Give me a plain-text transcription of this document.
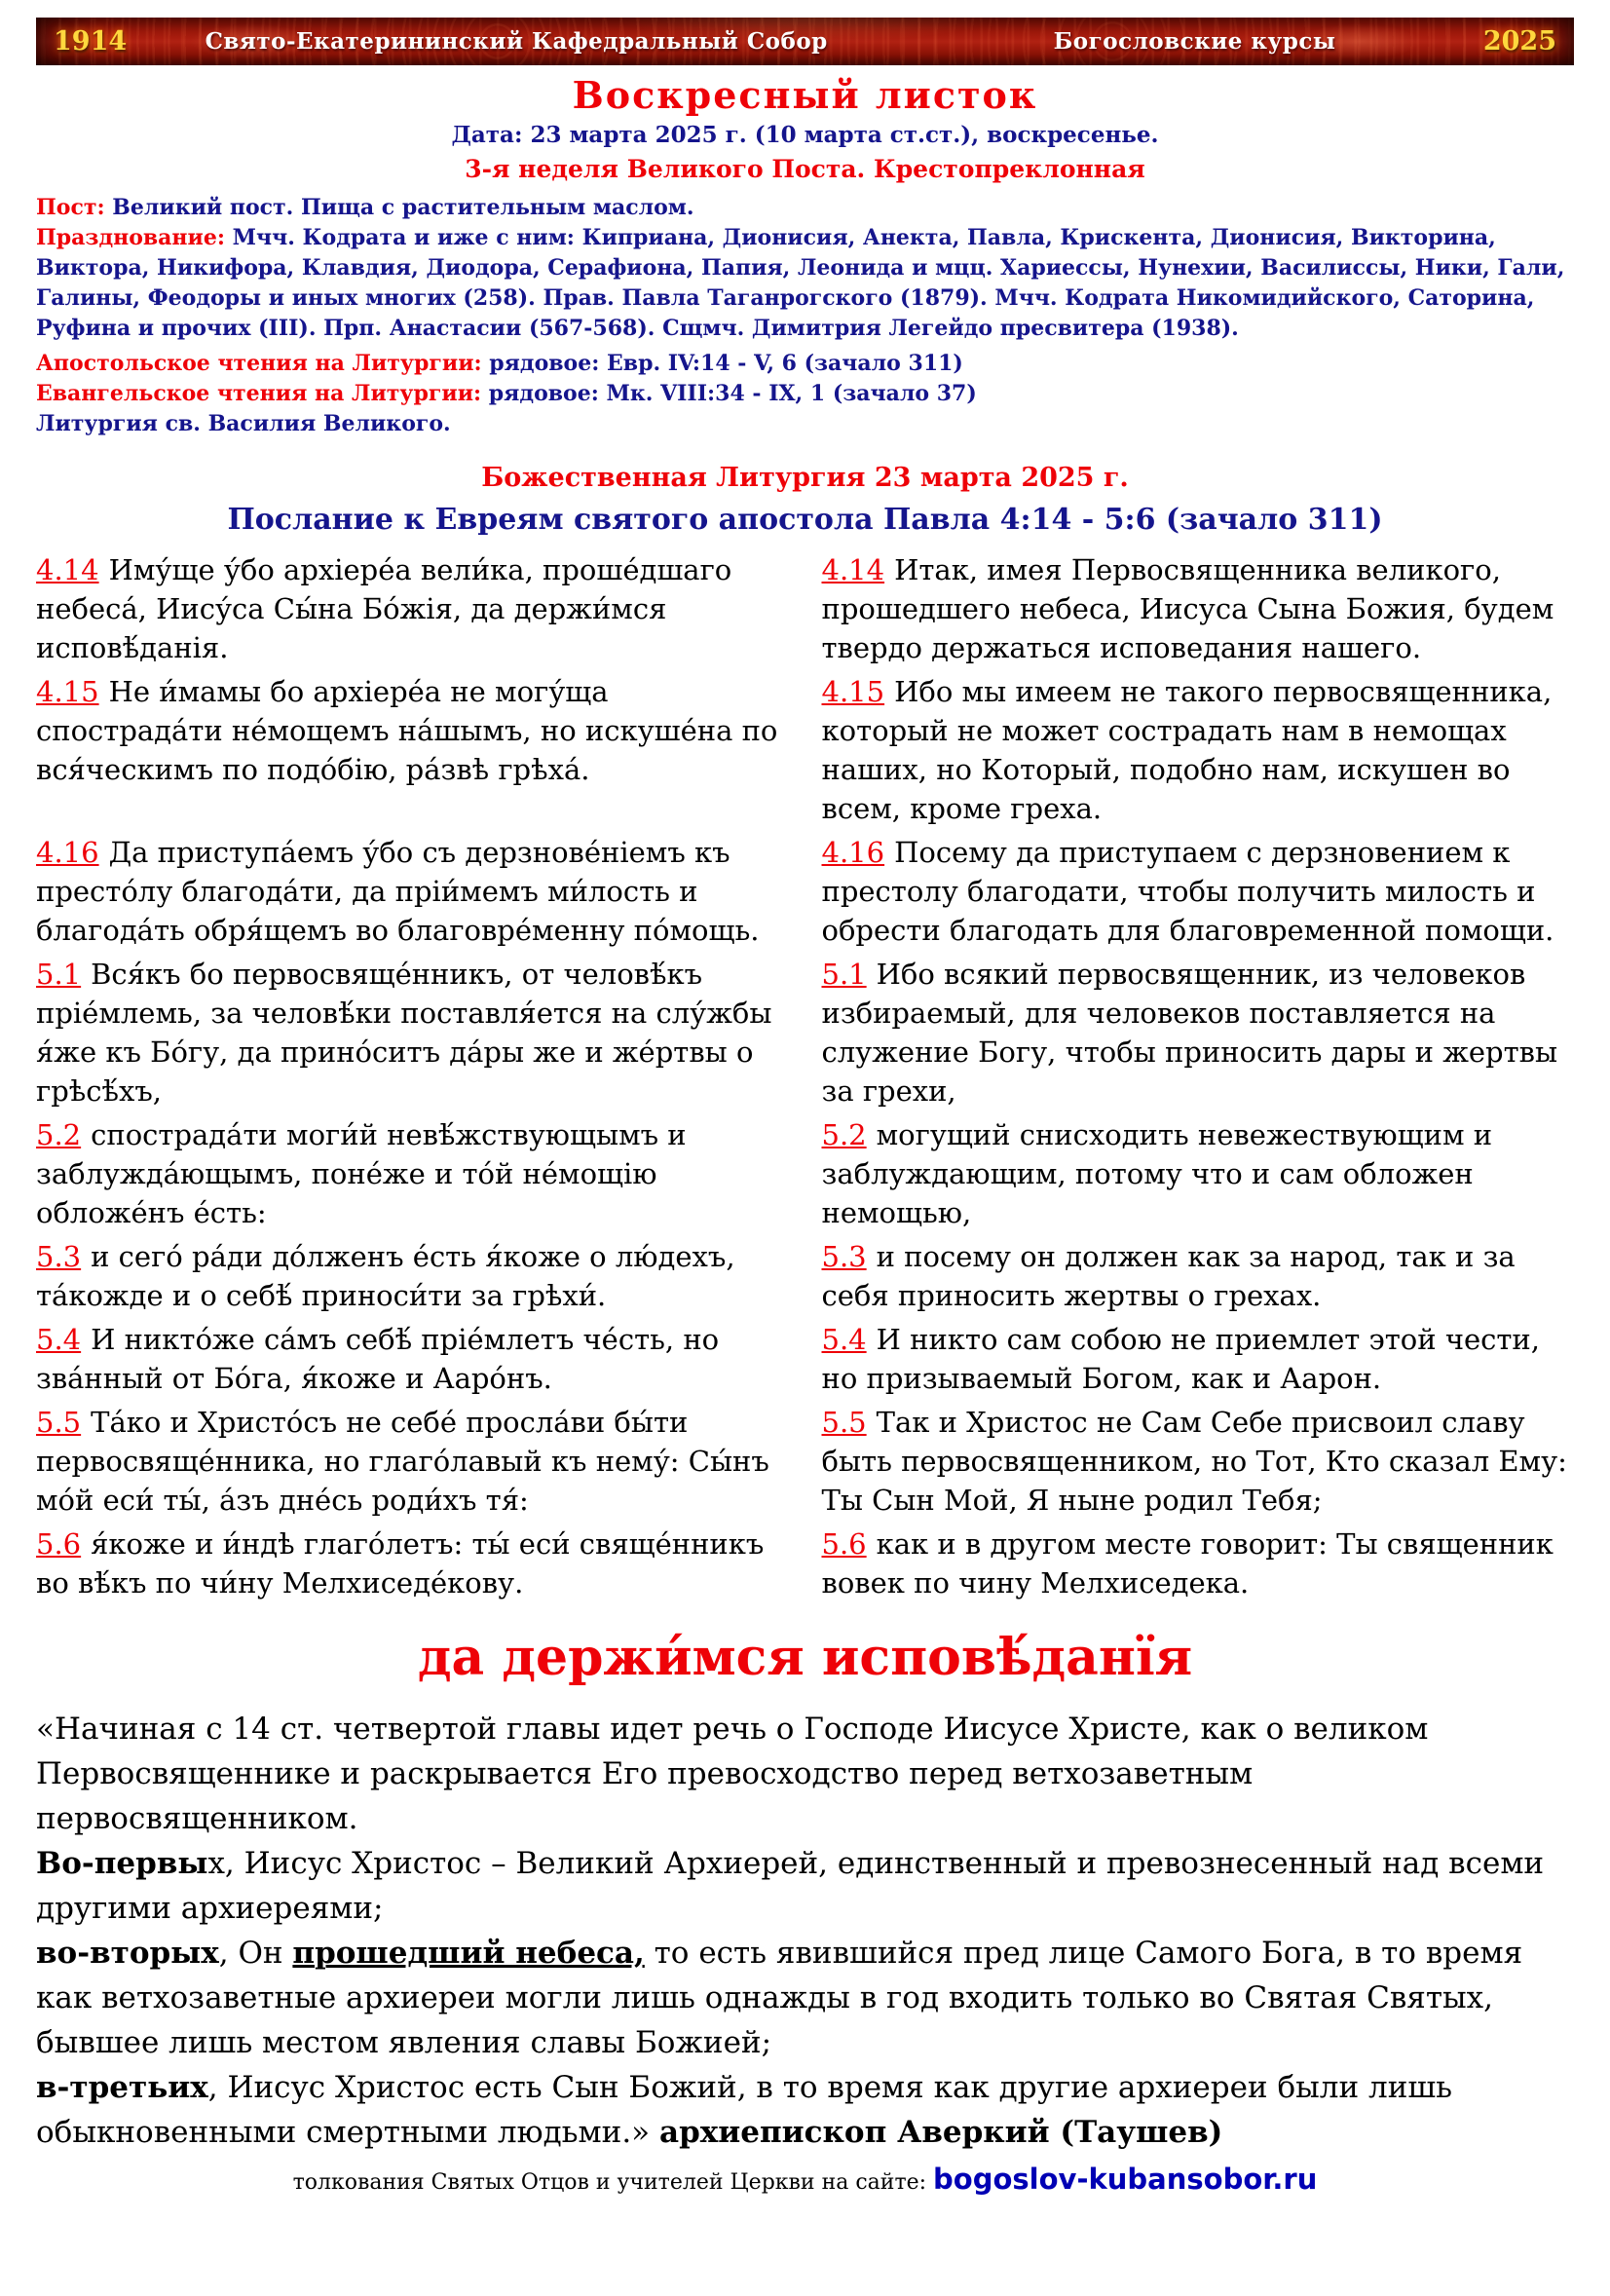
1914	Свято-Екатерининский Кафедральный Собор	Богословские курсы	2025
Воскресный листок
Дата: 23 марта 2025 г. (10 марта ст.ст.), воскресенье.
3-я неделя Великого Поста. Крестопреклонная

Пост: Великий пост. Пища с растительным маслом.

Празднование: Мчч. Кодрата и иже с ним: Киприана, Дионисия, Анекта, Павла, Крискента, Дионисия, Викторина, Виктора, Никифора, Клавдия, Диодора, Серафиона, Папия, Леонида и мцц. Хариессы, Нунехии, Василиссы, Ники, Гали, Галины, Феодоры и иных многих (258). Прав. Павла Таганрогского (1879). Мчч. Кодрата Никомидийского, Саторина, Руфина и прочих (III). Прп. Анастасии (567-568). Сщмч. Димитрия Легейдо пресвитера (1938).

Апостольское чтения на Литургии: рядовое: Евр. IV:14 - V, 6 (зачало 311)

Евангельское чтения на Литургии: рядовое: Мк. VIII:34 - IX, 1 (зачало 37)

Литургия св. Василия Великого.

Божественная Литургия 23 марта 2025 г.
Послание к Евреям святого апостола Павла 4:14 - 5:6 (зачало 311)
4.14 Иму́ще у́бо архіере́а вели́ка, проше́дшаго небеса́, Иису́са Сы́на Бо́жія, да держи́мся исповѣ́данія.
4.14 Итак, имея Первосвященника великого, прошедшего небеса, Иисуса Сына Божия, будем твердо держаться исповедания нашего.
4.15 Не и́мамы бо архіере́а не могу́ща спострада́ти не́мощемъ на́шымъ, но искуше́на по вся́ческимъ по подо́бію, ра́звѣ грѣха́.
4.15 Ибо мы имеем не такого первосвященника, который не может сострадать нам в немощах наших, но Который, подобно нам, искушен во всем, кроме греха.
4.16 Да приступа́емъ у́бо съ дерзнове́ніемъ къ престо́лу благода́ти, да пріи́мемъ ми́лость и благода́ть обря́щемъ во благовре́менну по́мощь.
4.16 Посему да приступаем с дерзновением к престолу благодати, чтобы получить милость и обрести благодать для благовременной помощи.
5.1 Вся́къ бо первосвяще́нникъ, от человѣ́къ пріе́млемь, за человѣ́ки поставля́ется на слу́жбы я́же къ Бо́гу, да прино́ситъ да́ры же и же́ртвы о грѣсѣ́хъ,
5.1 Ибо всякий первосвященник, из человеков избираемый, для человеков поставляется на служение Богу, чтобы приносить дары и жертвы за грехи,
5.2 спострада́ти моги́й невѣ́жствующымъ и заблужда́ющымъ, поне́же и то́й не́мощію обложе́нъ е́сть:
5.2 могущий снисходить невежествующим и заблуждающим, потому что и сам обложен немощью,
5.3 и сего́ ра́ди до́лженъ е́сть я́коже о лю́дехъ, та́кожде и о себѣ́ приноси́ти за грѣхи́.
5.3 и посему он должен как за народ, так и за себя приносить жертвы о грехах.
5.4 И никто́же са́мъ себѣ́ пріе́млетъ че́сть, но зва́нный от Бо́га, я́коже и Ааро́нъ.
5.4 И никто сам собою не приемлет этой чести, но призываемый Богом, как и Аарон.
5.5 Та́ко и Христо́съ не себе́ просла́ви бы́ти первосвяще́нника, но глаго́лавый къ нему́: Сы́нъ мо́й еси́ ты́, а́зъ дне́сь роди́хъ тя́:
5.5 Так и Христос не Сам Себе присвоил славу быть первосвященником, но Тот, Кто сказал Ему: Ты Сын Мой, Я ныне родил Тебя;
5.6 я́коже и и́ндѣ глаго́летъ: ты́ еси́ свяще́нникъ во вѣ́къ по чи́ну Мелхиседе́кову.
5.6 как и в другом месте говорит: Ты священник вовек по чину Мелхиседека.
да держи́мся исповѣ́данїя

«Начиная с 14 ст. четвертой главы идет речь о Господе Иисусе Христе, как о великом Первосвященнике и раскрывается Его превосходство перед ветхозаветным первосвященником.

Во-первых, Иисус Христос – Великий Архиерей, единственный и превознесенный над всеми другими архиереями;

во-вторых, Он прошедший небеса, то есть явившийся пред лице Самого Бога, в то время как ветхозаветные архиереи могли лишь однажды в год входить только во Святая Святых, бывшее лишь местом явления славы Божией;

в-третьих, Иисус Христос есть Сын Божий, в то время как другие архиереи были лишь обыкновенными смертными людьми.» архиепископ Аверкий (Таушев)

толкования Святых Отцов и учителей Церкви на сайте: bogoslov-kubansobor.ru
